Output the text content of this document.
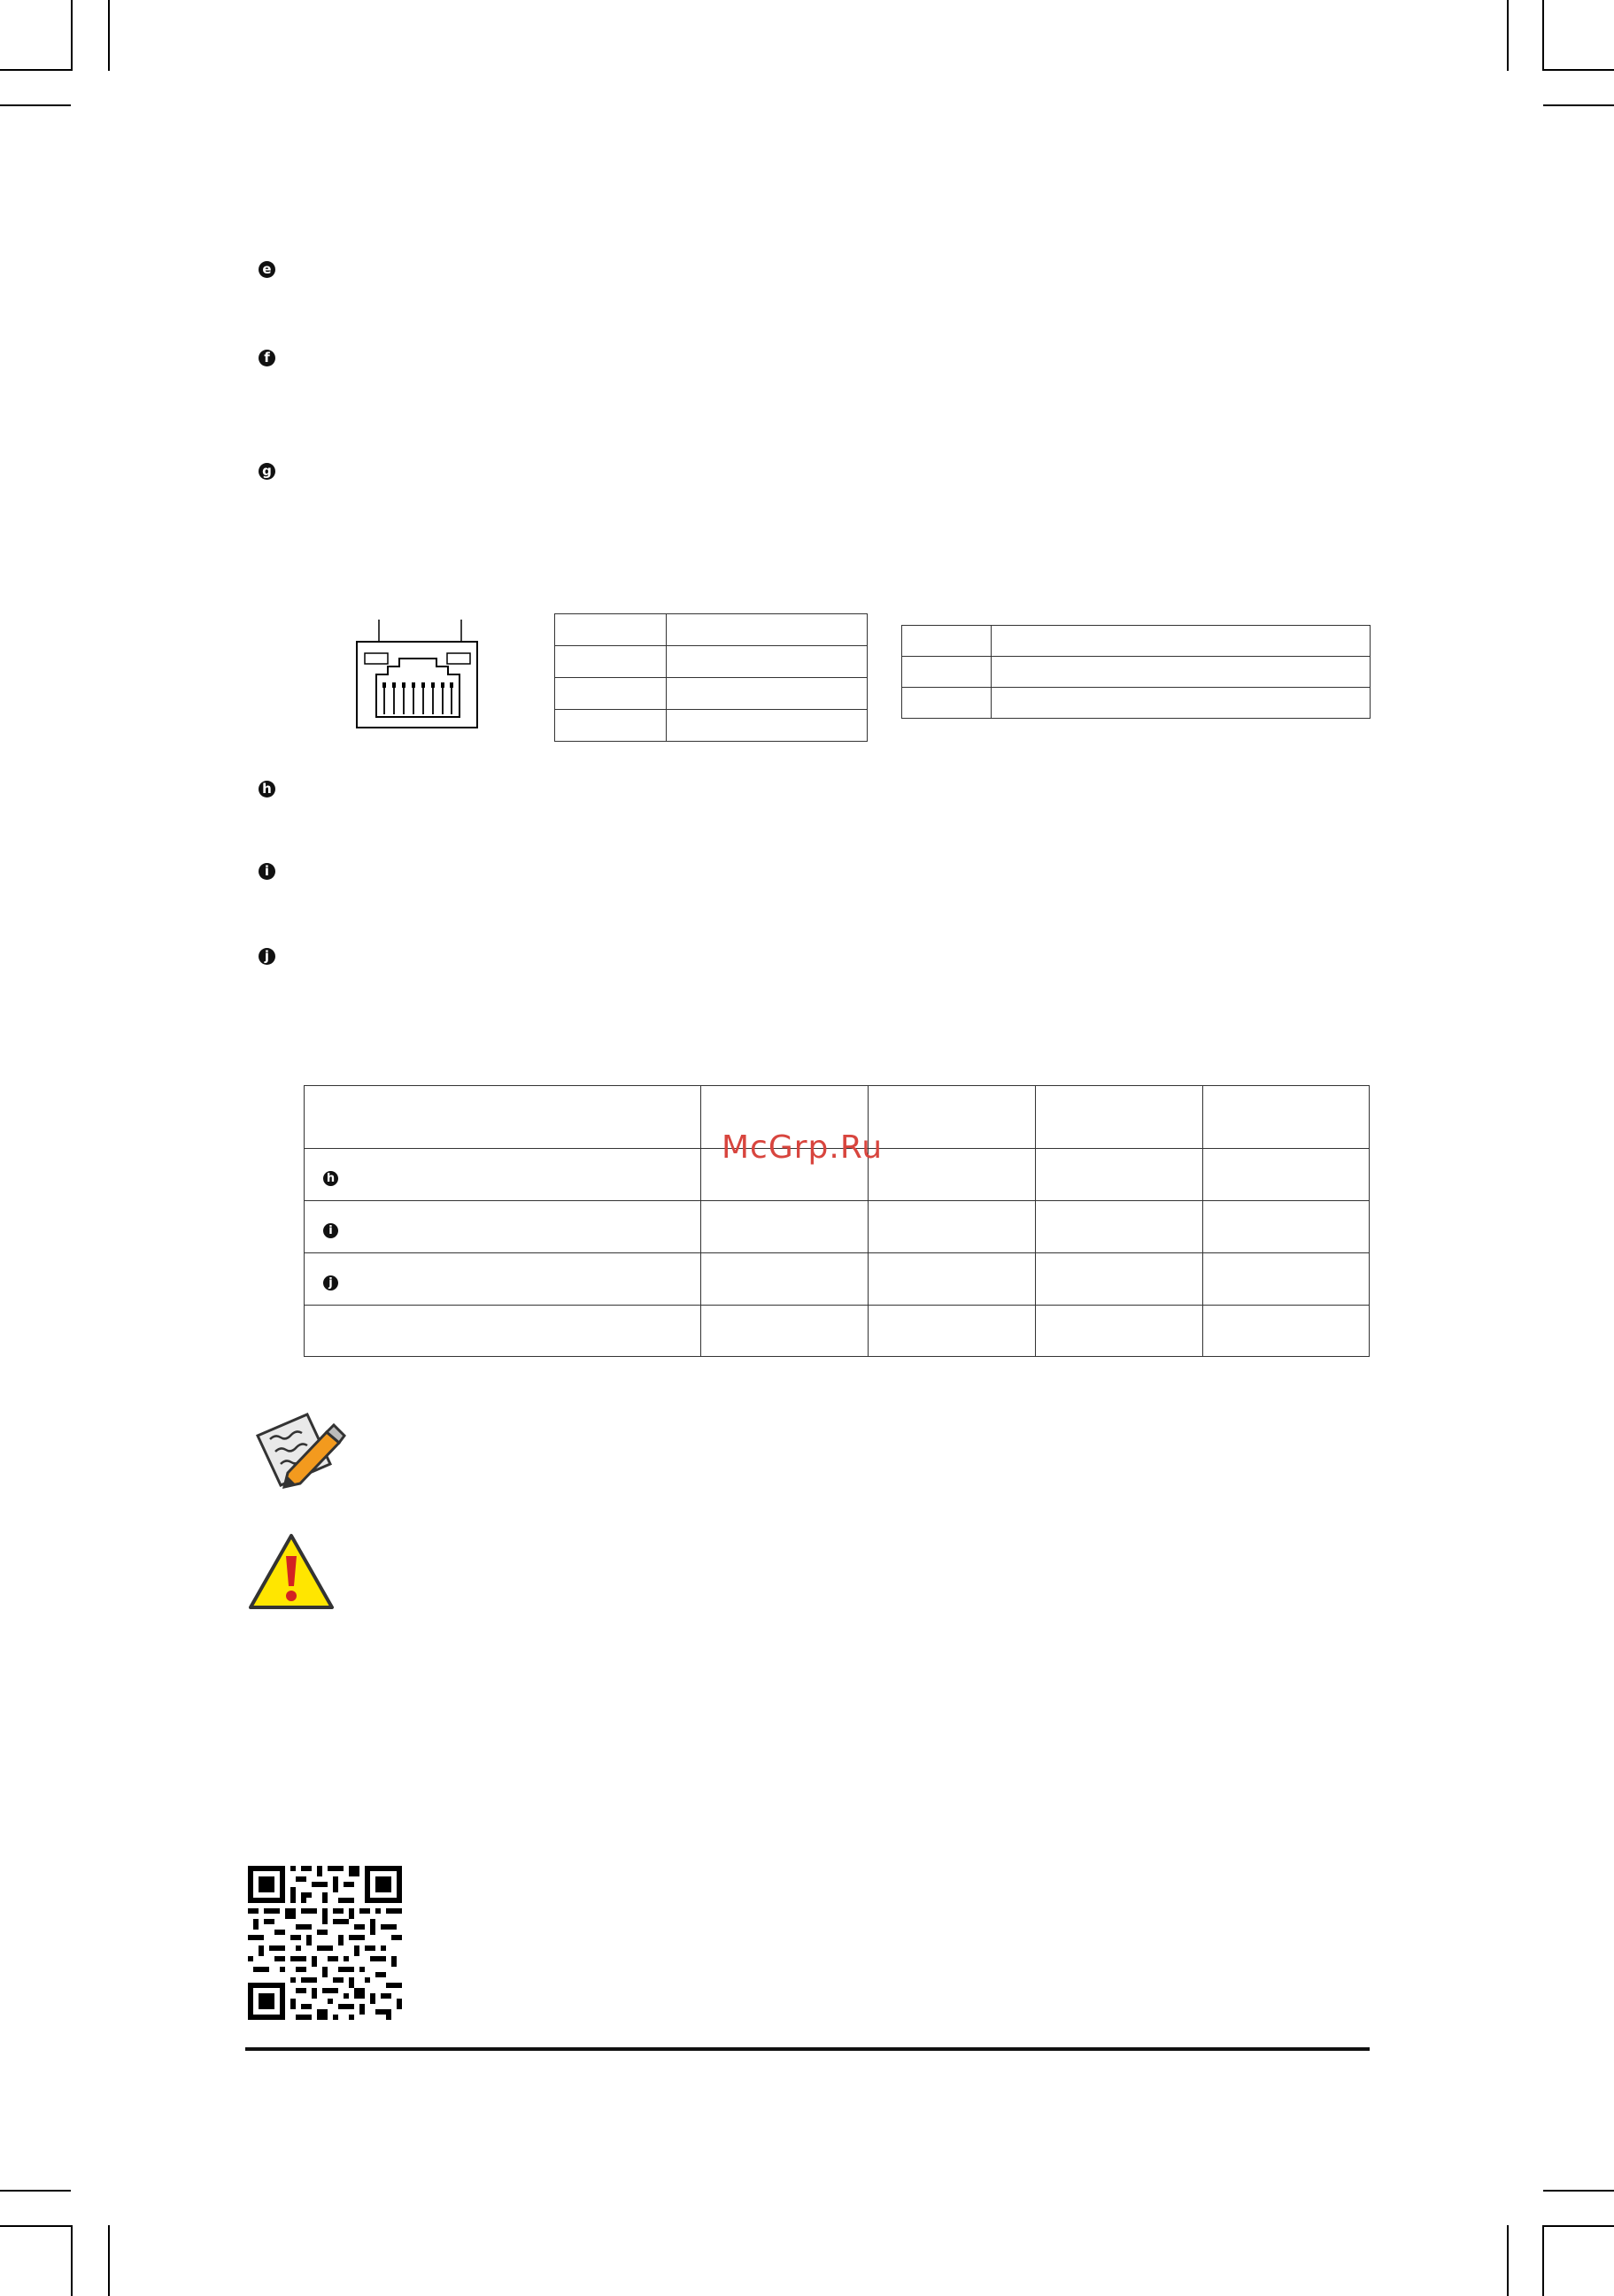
e
f
g

h
i
j

h				

i				

j				

McGrp.Ru
